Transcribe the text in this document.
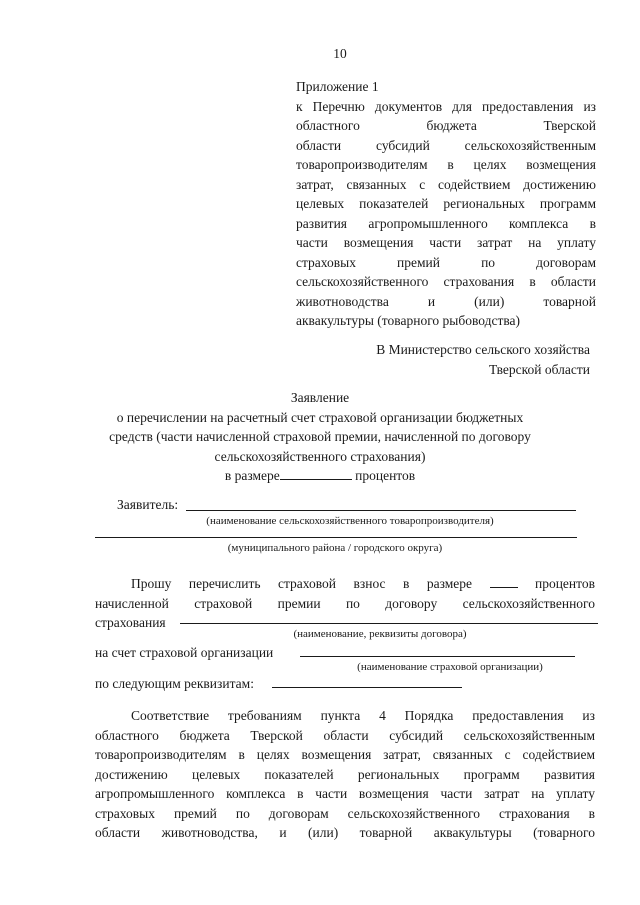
10
Приложение 1
к Перечню документов для предоставления из
областного бюджета Тверской
области субсидий сельскохозяйственным
товаропроизводителям в целях возмещения
затрат, связанных с содействием достижению
целевых показателей региональных программ
развития агропромышленного комплекса в
части возмещения части затрат на уплату
страховых премий по договорам
сельскохозяйственного страхования в области
животноводства и (или) товарной
аквакультуры (товарного рыбоводства)
В Министерство сельского хозяйства
Тверской области
Заявление
о перечислении на расчетный счет страховой организации бюджетных
средств (части начисленной страховой премии, начисленной по договору
сельскохозяйственного страхования)
в размере	процентов
Заявитель:
(наименование сельскохозяйственного товаропроизводителя)
(муниципального района / городского округа)
Прошу перечислить страховой взнос в размере	процентов
начисленной страховой премии по договору сельскохозяйственного
страхования
(наименование, реквизиты договора)
на счет страховой организации
(наименование страховой организации)
по следующим реквизитам:
Соответствие требованиям пункта 4 Порядка предоставления из
областного бюджета Тверской области субсидий сельскохозяйственным
товаропроизводителям в целях возмещения затрат, связанных с содействием
достижению целевых показателей региональных программ развития
агропромышленного комплекса в части возмещения части затрат на уплату
страховых премий по договорам сельскохозяйственного страхования в
области животноводства, и (или) товарной аквакультуры (товарного
